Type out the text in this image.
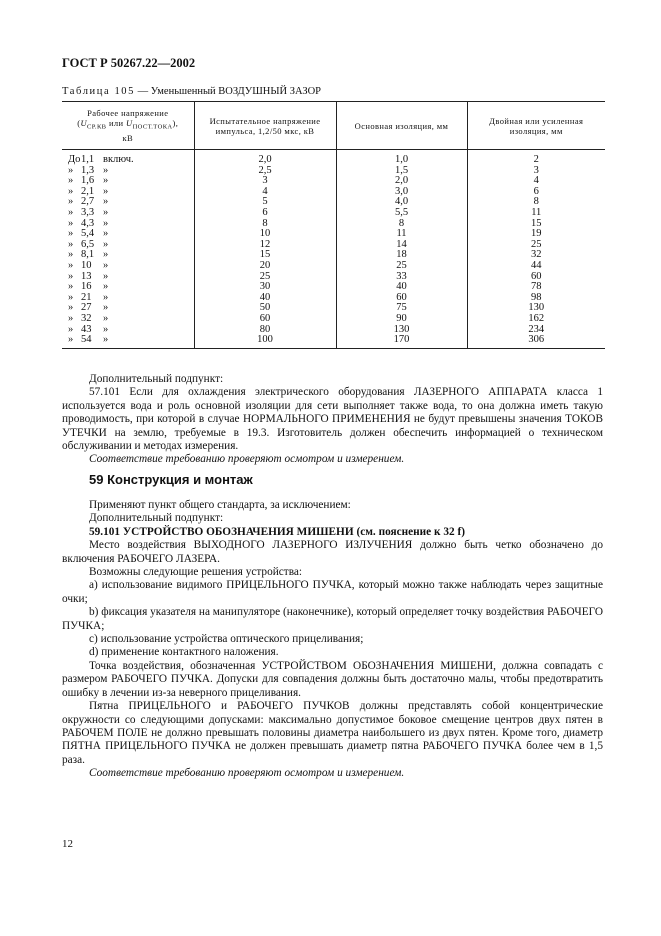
ГОСТ Р 50267.22—2002
Таблица 105 — Уменьшенный ВОЗДУШНЫЙ ЗАЗОР
Рабочее напряжение
($U_{СР.КВ}$ или $U_{ПОСТ.ТОКА}$),
кВ	Испытательное напряжение импульса, 1,2/50 мкс, кВ	Основная изоляция, мм	Двойная или усиленная изоляция, мм
До1,1 включ.	2,0	1,0	2
» 1,3 »	2,5	1,5	3
» 1,6 »	3	2,0	4
» 2,1 »	4	3,0	6
» 2,7 »	5	4,0	8
» 3,3 »	6	5,5	11
» 4,3 »	8	8	15
» 5,4 »	10	11	19
» 6,5 »	12	14	25
» 8,1 »	15	18	32
» 10 »	20	25	44
» 13 »	25	33	60
» 16 »	30	40	78
» 21 »	40	60	98
» 27 »	50	75	130
» 32 »	60	90	162
» 43 »	80	130	234
» 54 »	100	170	306

Дополнительный подпункт:

57.101 Если для охлаждения электрического оборудования ЛАЗЕРНОГО АППАРАТА класса 1 используется вода и роль основной изоляции для сети выполняет также вода, то она должна иметь такую проводимость, при которой в случае НОРМАЛЬНОГО ПРИМЕНЕНИЯ не будут превышены значения ТОКОВ УТЕЧКИ на землю, требуемые в 19.3. Изготовитель должен обеспечить информацией о техническом обслуживании и методах измерения.

Соответствие требованию проверяют осмотром и измерением.

59 Конструкция и монтаж

Применяют пункт общего стандарта, за исключением:

Дополнительный подпункт:

59.101 УСТРОЙСТВО ОБОЗНАЧЕНИЯ МИШЕНИ (см. пояснение к 32 f)

Место воздействия ВЫХОДНОГО ЛАЗЕРНОГО ИЗЛУЧЕНИЯ должно быть четко обозначено до включения РАБОЧЕГО ЛАЗЕРА.

Возможны следующие решения устройства:

а) использование видимого ПРИЦЕЛЬНОГО ПУЧКА, который можно также наблюдать через защитные очки;

b) фиксация указателя на манипуляторе (наконечнике), который определяет точку воздействия РАБОЧЕГО ПУЧКА;

с) использование устройства оптического прицеливания;

d) применение контактного наложения.

Точка воздействия, обозначенная УСТРОЙСТВОМ ОБОЗНАЧЕНИЯ МИШЕНИ, должна совпадать с размером РАБОЧЕГО ПУЧКА. Допуски для совпадения должны быть достаточно малы, чтобы предотвратить ошибку в лечении из-за неверного прицеливания.

Пятна ПРИЦЕЛЬНОГО и РАБОЧЕГО ПУЧКОВ должны представлять собой концентрические окружности со следующими допусками: максимально допустимое боковое смещение центров двух пятен в РАБОЧЕМ ПОЛЕ не должно превышать половины диаметра наибольшего из двух пятен. Кроме того, диаметр ПЯТНА ПРИЦЕЛЬНОГО ПУЧКА не должен превышать диаметр пятна РАБОЧЕГО ПУЧКА более чем в 1,5 раза.

Соответствие требованию проверяют осмотром и измерением.

12
